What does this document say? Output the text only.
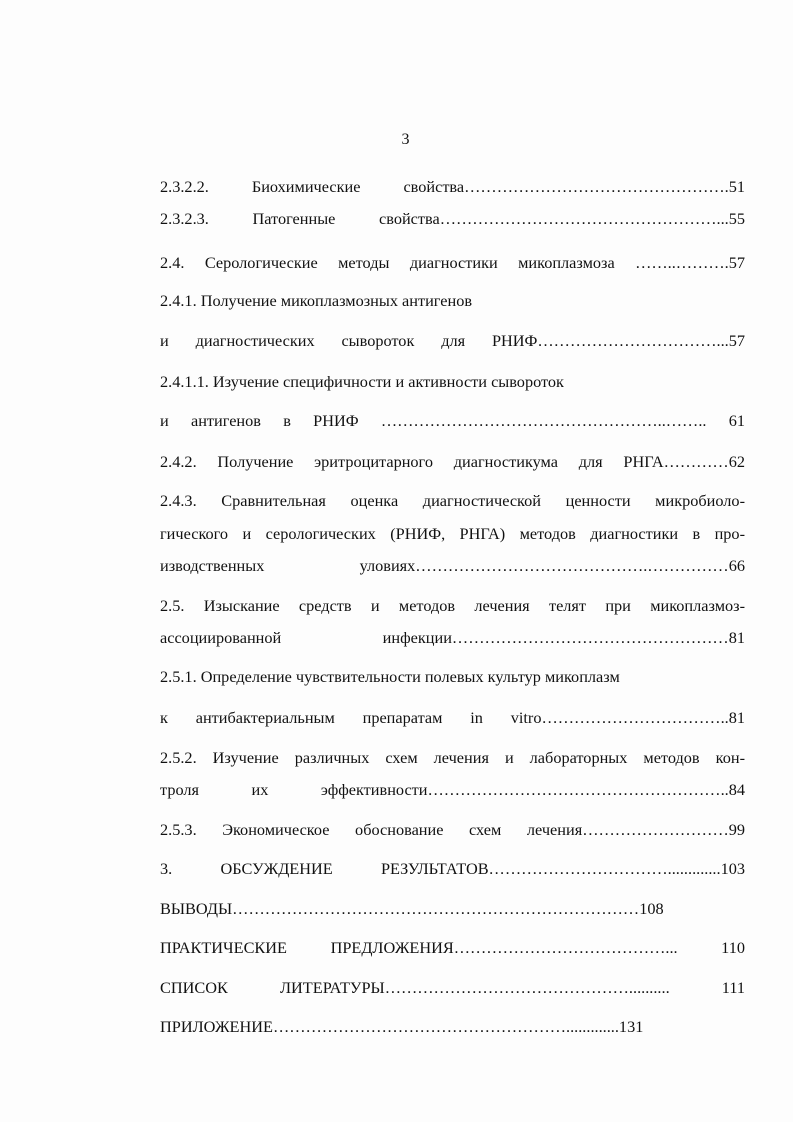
3
2.3.2.2. Биохимические свойства………………………………………….51
2.3.2.3. Патогенные свойства……………………………………………...55
2.4. Серологические методы диагностики микоплазмоза ……..……….57
2.4.1. Получение микоплазмозных антигенов
и диагностических сывороток для РНИФ……………………………...57
2.4.1.1. Изучение специфичности и активности сывороток
и антигенов в РНИФ ……………………………………………..…….. 61
2.4.2. Получение эритроцитарного диагностикума для РНГА…………62
2.4.3. Сравнительная оценка диагностической ценности микробиоло-
гического и серологических (РНИФ, РНГА) методов диагностики в про-
изводственных уловиях…………………………………….……………66
2.5. Изыскание средств и методов лечения телят при микоплазмоз-
ассоциированной инфекции……………………………………………81
2.5.1. Определение чувствительности полевых культур микоплазм
к антибактериальным препаратам in vitro……………………………..81
2.5.2. Изучение различных схем лечения и лабораторных методов кон-
троля их эффективности………………………………………………..84
2.5.3. Экономическое обоснование схем лечения………………………99
3. ОБСУЖДЕНИЕ РЕЗУЛЬТАТОВ…………………………….............103
ВЫВОДЫ…………………………………………………………………108
ПРАКТИЧЕСКИЕ ПРЕДЛОЖЕНИЯ…………………………………... 110
СПИСОК ЛИТЕРАТУРЫ……………………………………….......... 111
ПРИЛОЖЕНИЕ……………………………………………….............131
